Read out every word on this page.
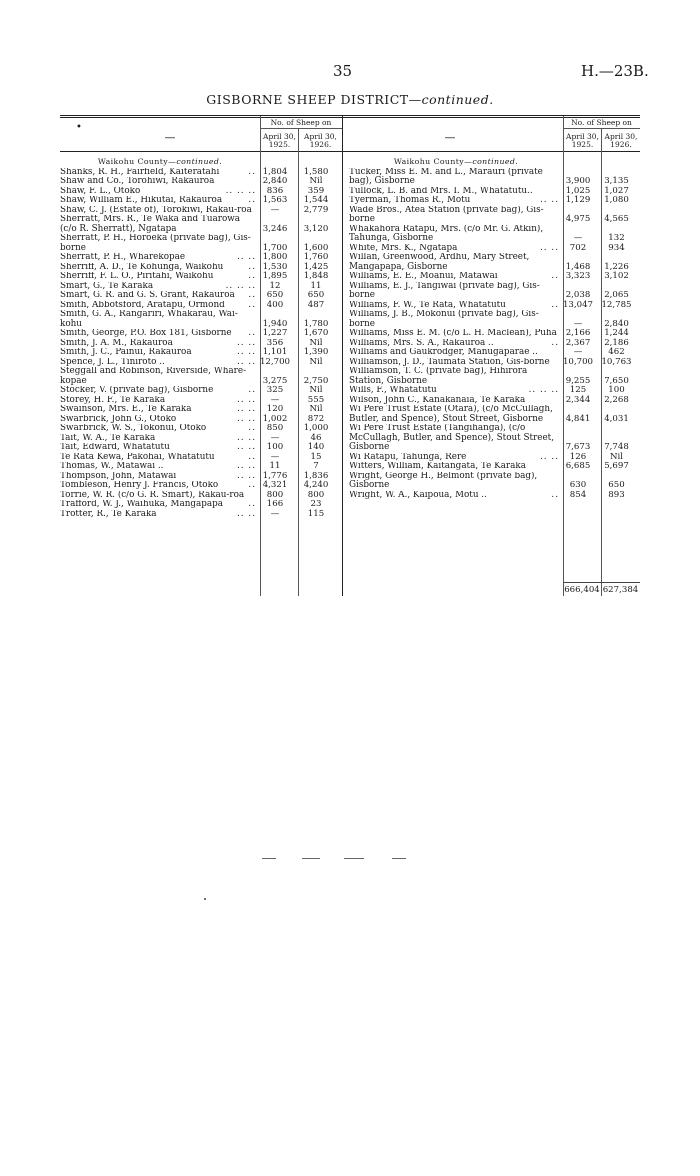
35	H.—23B.
GISBORNE SHEEP DISTRICT—continued.
•
—
No. of Sheep on
April 30, 1925.
April 30, 1926.
—
No. of Sheep on
April 30, 1925.
April 30, 1926.
Waikohu County—continued.
Shanks, R. H., Fairfield, Kaiteratahi	.. 1,804	1,580
Shaw and Co., Torohiwi, Rakauroa	2,840	Nil
Shaw, F. L., Otoko	.. .. ..	836	359
Shaw, William E., Hikutai, Rakauroa	.. 1,563	1,544
Shaw, C. J. (Estate of), Torokiwi, Rakau-roa	—	2,779
Sherratt, Mrs. R., Te Waka and Tuarowa (c/o R. Sherratt), Ngatapa	3,246	3,120
Sherratt, P. H., Horoeka (private bag), Gis-borne	1,700	1,600
Sherratt, P. H., Wharekopae	.. .. 1,800	1,760
Sherriff, A. D., Te Kohunga, Waikohu	.. 1,530	1,425
Sherriff, F. L. O., Piritahi, Waikohu	.. 1,895	1,848
Smart, G., Te Karaka	.. .. ..	12	11
Smart, G. R. and G. S. Grant, Rakauroa ..	650	650
Smith, Abbotsford, Aratapu, Ormond	..	400	487
Smith, G. A., Rangariri, Whakarau, Wai-kohu	1,940	1,780
Smith, George, P.O. Box 181, Gisborne .. 1,227	1,670
Smith, J. A. M., Rakauroa	.. ..	356	Nil
Smith, J. C., Painui, Rakauroa	.. .. 1,101	1,390
Spence, J. L., Tiniroto ..	.. .. 12,700	Nil
Steggall and Robinson, Riverside, Whare-kopae	3,275	2,750
Stocker, V. (private bag), Gisborne	..	325	Nil
Storey, H. F., Te Karaka	.. ..	—	555
Swainson, Mrs. E., Te Karaka	.. ..	120	Nil
Swarbrick, John G., Otoko	.. .. 1,002	872
Swarbrick, W. S., Tokonui, Otoko	..	850	1,000
Tait, W. A., Te Karaka	.. ..	—	46
Tait, Edward, Whatatutu	.. ..	100	140
Te Rata Kewa, Pakohai, Whatatutu	..	—	15
Thomas, W., Matawai ..	.. ..	11	7
Thompson, John, Matawai	.. .. 1,776	1,836
Tombleson, Henry J. Francis, Otoko	.. 4,321	4,240
Torrie, W. R. (c/o G. R. Smart), Rakau-roa	800	800
Trafford, W. J., Waihuka, Mangapapa	..	166	23
Trotter, R., Te Karaka	.. ..	—	115
Waikohu County—continued.
Tucker, Miss E. M. and L., Marauri (private bag), Gisborne	3,900	3,135
Tullock, L. B. and Mrs. I. M., Whatatutu..	1,025	1,027
Tyerman, Thomas R., Motu	.. .. 1,129	1,080
Wade Bros., Atea Station (private bag), Gis-borne	4,975	4,565
Whakahora Ratapu, Mrs. (c/o Mr. G. Atkin), Tahunga, Gisborne	—	132
White, Mrs. K., Ngatapa	.. ..	702	934
Willan, Greenwood, Ardhu, Mary Street, Mangapapa, Gisborne	1,468	1,226
Williams, E. E., Moanui, Matawai	.. 3,323	3,102
Williams, E. J., Tangiwai (private bag), Gis-borne	2,038	2,065
Williams, F. W., Te Rata, Whatatutu	.. 13,047 12,785
Williams, J. B., Mokonui (private bag), Gis-borne	—	2,840
Williams, Miss E. M. (c/o L. H. Maclean), Puha	2,166	1,244
Williams, Mrs. S. A., Rakauroa ..	.. 2,367	2,186
Williams and Gaukrodger, Manugaparae ..	—	462
Williamson, J. D., Taumata Station, Gis-borne	10,700 10,763
Williamson, T. C. (private bag), Hihirora Station, Gisborne	9,255	7,650
Wills, F., Whatatutu	.. .. ..	125	100
Wilson, John C., Kanakanaia, Te Karaka	2,344	2,268
Wi Pere Trust Estate (Otara), (c/o McCullagh, Butler, and Spence), Stout Street, Gisborne	4,841	4,031
Wi Pere Trust Estate (Tangihanga), (c/o McCullagh, Butler, and Spence), Stout Street, Gisborne	7,673	7,748
Wi Ratapu, Tahunga, Rere	.. ..	126	Nil
Witters, William, Kaitangata, Te Karaka	6,685	5,697
Wright, George H., Belmont (private bag), Gisborne	630	650
Wright, W. A., Kaipoua, Motu ..	..	854	893
666,404 627,384
